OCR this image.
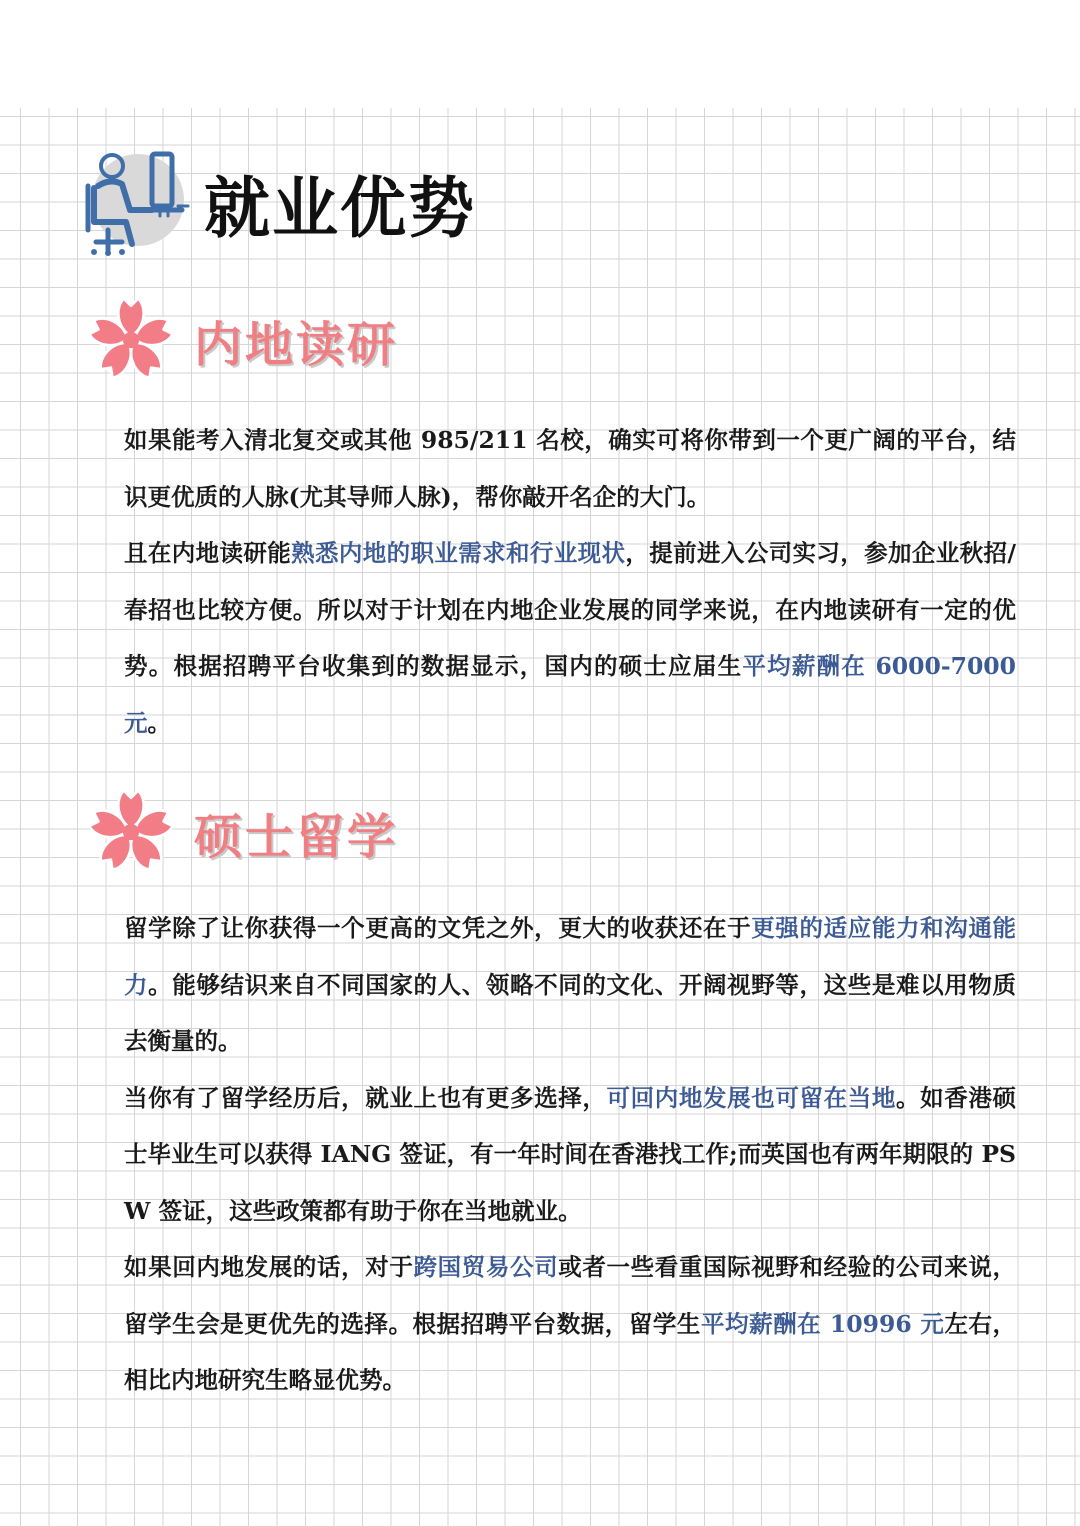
就业优势
内地读研

如果能考入清北复交或其他 985/211 名校，确实可将你带到一个更广阔的平台，结识更优质的人脉(尤其导师人脉)，帮你敲开名企的大门。

且在内地读研能熟悉内地的职业需求和行业现状，提前进入公司实习，参加企业秋招/春招也比较方便。所以对于计划在内地企业发展的同学来说，在内地读研有一定的优势。根据招聘平台收集到的数据显示，国内的硕士应届生平均薪酬在 6000-7000 元。

硕士留学

留学除了让你获得一个更高的文凭之外，更大的收获还在于更强的适应能力和沟通能力。能够结识来自不同国家的人、领略不同的文化、开阔视野等，这些是难以用物质去衡量的。

当你有了留学经历后，就业上也有更多选择，可回内地发展也可留在当地。如香港硕士毕业生可以获得 IANG 签证，有一年时间在香港找工作;而英国也有两年期限的 PSW 签证，这些政策都有助于你在当地就业。

如果回内地发展的话，对于跨国贸易公司或者一些看重国际视野和经验的公司来说，留学生会是更优先的选择。根据招聘平台数据，留学生平均薪酬在 10996 元左右，相比内地研究生略显优势。
